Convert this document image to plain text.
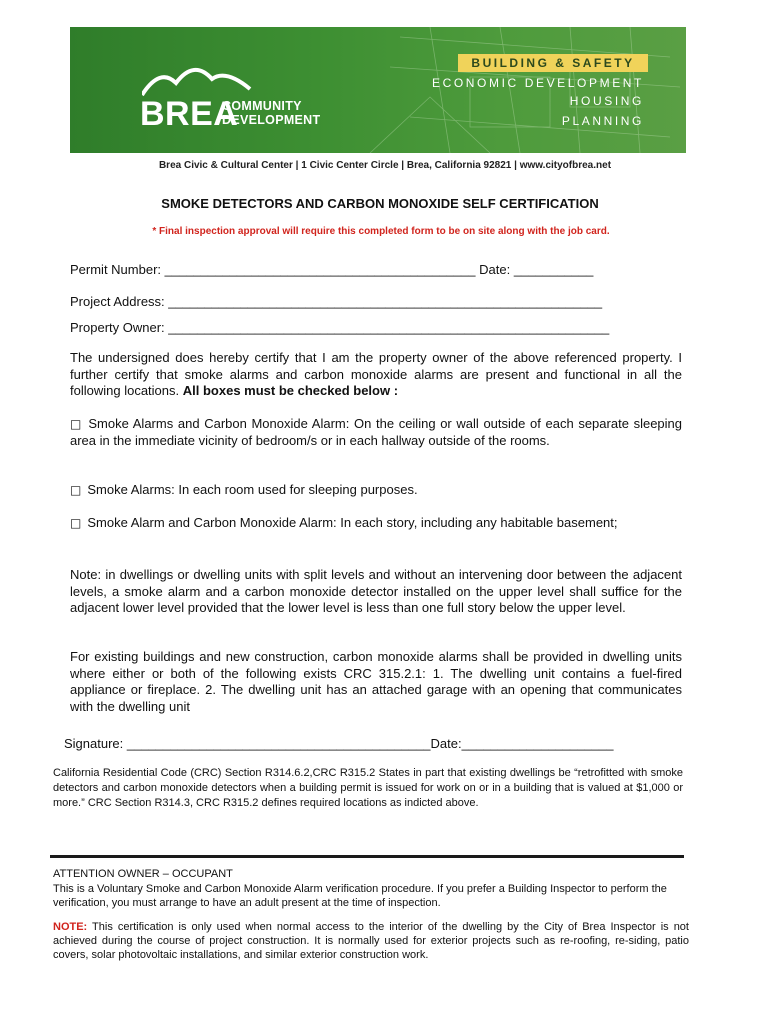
BREA
COMMUNITY
DEVELOPMENT
BUILDING & SAFETY
ECONOMIC DEVELOPMENT
HOUSING
PLANNING
Brea Civic & Cultural Center | 1 Civic Center Circle | Brea, California 92821 | www.cityofbrea.net
SMOKE DETECTORS AND CARBON MONOXIDE SELF CERTIFICATION
* Final inspection approval will require this completed form to be on site along with the job card.
Permit Number: ___________________________________________ Date: ___________
Project Address: ____________________________________________________________
Property Owner: _____________________________________________________________
The undersigned does hereby certify that I am the property owner of the above referenced property. I further certify that smoke alarms and carbon monoxide alarms are present and functional in all the following locations. All boxes must be checked below :
□ Smoke Alarms and Carbon Monoxide Alarm: On the ceiling or wall outside of each separate sleeping area in the immediate vicinity of bedroom/s or in each hallway outside of the rooms.
□ Smoke Alarms: In each room used for sleeping purposes.
□ Smoke Alarm and Carbon Monoxide Alarm: In each story, including any habitable basement;
Note: in dwellings or dwelling units with split levels and without an intervening door between the adjacent levels, a smoke alarm and a carbon monoxide detector installed on the upper level shall suffice for the adjacent lower level provided that the lower level is less than one full story below the upper level.
For existing buildings and new construction, carbon monoxide alarms shall be provided in dwelling units where either or both of the following exists CRC 315.2.1: 1. The dwelling unit contains a fuel-fired appliance or fireplace. 2. The dwelling unit has an attached garage with an opening that communicates with the dwelling unit
Signature: __________________________________________Date:_____________________
California Residential Code (CRC) Section R314.6.2,CRC R315.2 States in part that existing dwellings be “retrofitted with smoke detectors and carbon monoxide detectors when a building permit is issued for work on or in a building that is valued at $1,000 or more.” CRC Section R314.3, CRC R315.2 defines required locations as indicted above.
ATTENTION OWNER – OCCUPANT
This is a Voluntary Smoke and Carbon Monoxide Alarm verification procedure. If you prefer a Building Inspector to perform the verification, you must arrange to have an adult present at the time of inspection.
NOTE: This certification is only used when normal access to the interior of the dwelling by the City of Brea Inspector is not achieved during the course of project construction. It is normally used for exterior projects such as re-roofing, re-siding, patio covers, solar photovoltaic installations, and similar exterior construction work.
